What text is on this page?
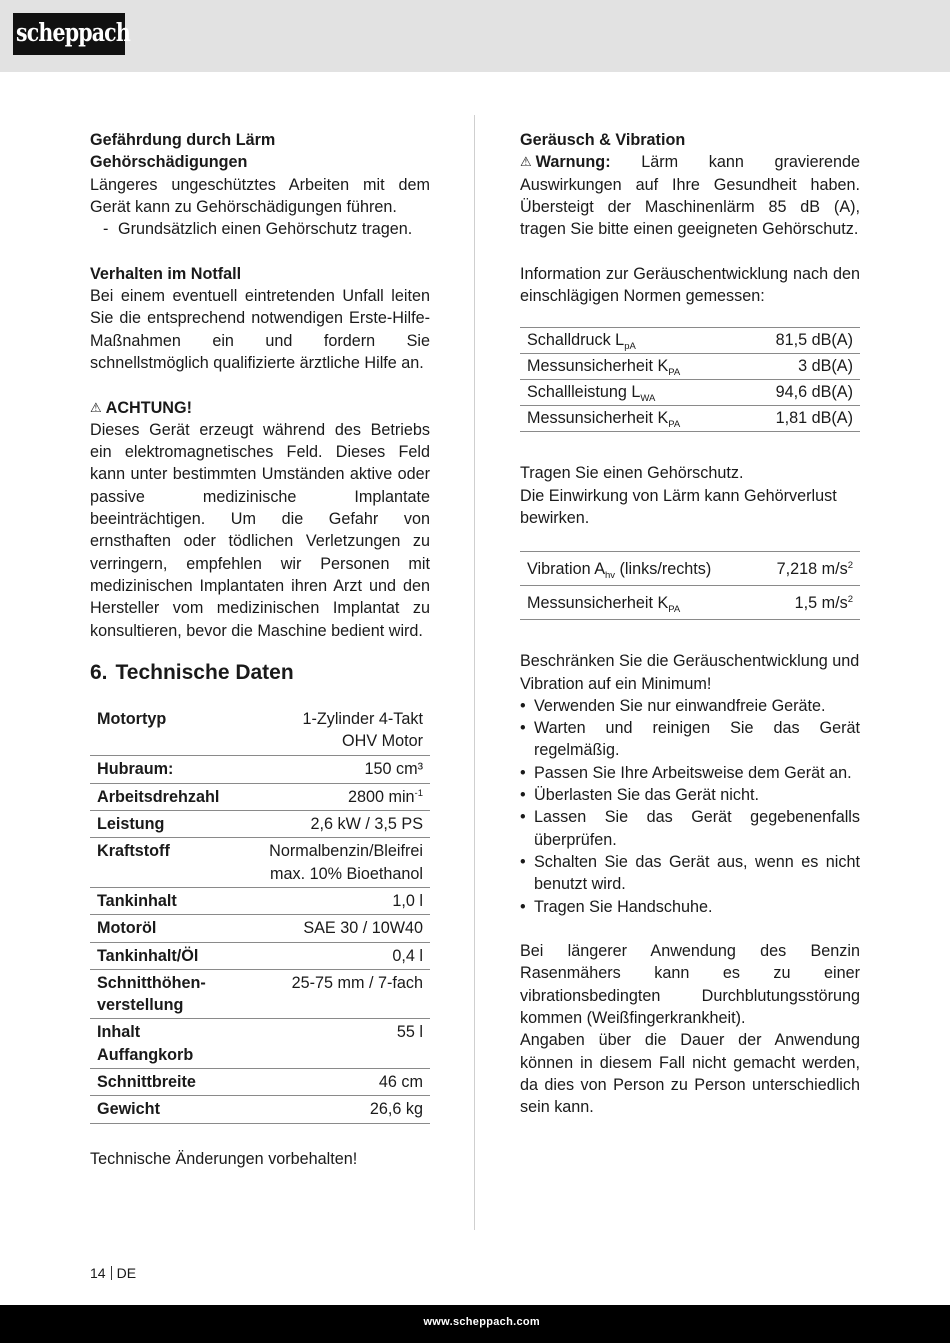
scheppach
Gefährdung durch Lärm
Gehörschädigungen
Längeres ungeschütztes Arbeiten mit dem Gerät kann zu Gehörschädigungen führen.
- Grundsätzlich einen Gehörschutz tragen.
Verhalten im Notfall
Bei einem eventuell eintretenden Unfall leiten Sie die entsprechend notwendigen Erste-Hilfe- Maßnahmen ein und fordern Sie schnellstmöglich qualifizierte ärztliche Hilfe an.
⚠ ACHTUNG!
Dieses Gerät erzeugt während des Betriebs ein elektromagnetisches Feld. Dieses Feld kann unter bestimmten Umständen aktive oder passive medizinische Implantate beeinträchtigen. Um die Gefahr von ernsthaften oder tödlichen Verletzungen zu verringern, empfehlen wir Personen mit medizinischen Implantaten ihren Arzt und den Hersteller vom medizinischen Implantat zu konsultieren, bevor die Maschine bedient wird.
6. Technische Daten
Motortyp	1-Zylinder 4-Takt
OHV Motor
Hubraum:	150 cm³
Arbeitsdrehzahl	2800 $\min^{-1}$
Leistung	2,6 kW / 3,5 PS
Kraftstoff	Normalbenzin/Bleifrei
max. 10% Bioethanol
Tankinhalt	1,0 l
Motoröl	SAE 30 / 10W40
Tankinhalt/Öl	0,4 l
Schnitthöhen-
verstellung	25-75 mm / 7-fach
Inhalt
Auffangkorb	55 l
Schnittbreite	46 cm
Gewicht	26,6 kg
Technische Änderungen vorbehalten!
Geräusch & Vibration
⚠ Warnung: Lärm kann gravierende Auswirkungen auf Ihre Gesundheit haben. Übersteigt der Maschinenlärm 85 dB (A), tragen Sie bitte einen geeigneten Gehörschutz.
Information zur Geräuschentwicklung nach den einschlägigen Normen gemessen:
Schalldruck $L_{pA}$	81,5 dB(A)
Messunsicherheit $K_{PA}$	3 dB(A)
Schallleistung $L_{WA}$	94,6 dB(A)
Messunsicherheit $K_{PA}$	1,81 dB(A)
Tragen Sie einen Gehörschutz.
Die Einwirkung von Lärm kann Gehörverlust bewirken.
Vibration $A_{hv}$ (links/rechts)	7,218 $m/s^2$
Messunsicherheit $K_{PA}$	1,5 $m/s^2$
Beschränken Sie die Geräuschentwicklung und Vibration auf ein Minimum!
• Verwenden Sie nur einwandfreie Geräte.
• Warten und reinigen Sie das Gerät regelmäßig.
• Passen Sie Ihre Arbeitsweise dem Gerät an.
• Überlasten Sie das Gerät nicht.
• Lassen Sie das Gerät gegebenenfalls überprüfen.
• Schalten Sie das Gerät aus, wenn es nicht benutzt wird.
• Tragen Sie Handschuhe.
Bei längerer Anwendung des Benzin Rasenmähers kann es zu einer vibrationsbedingten Durchblutungsstörung kommen (Weißfingerkrankheit).
Angaben über die Dauer der Anwendung können in diesem Fall nicht gemacht werden, da dies von Person zu Person unterschiedlich sein kann.
14 DE
www.scheppach.com
